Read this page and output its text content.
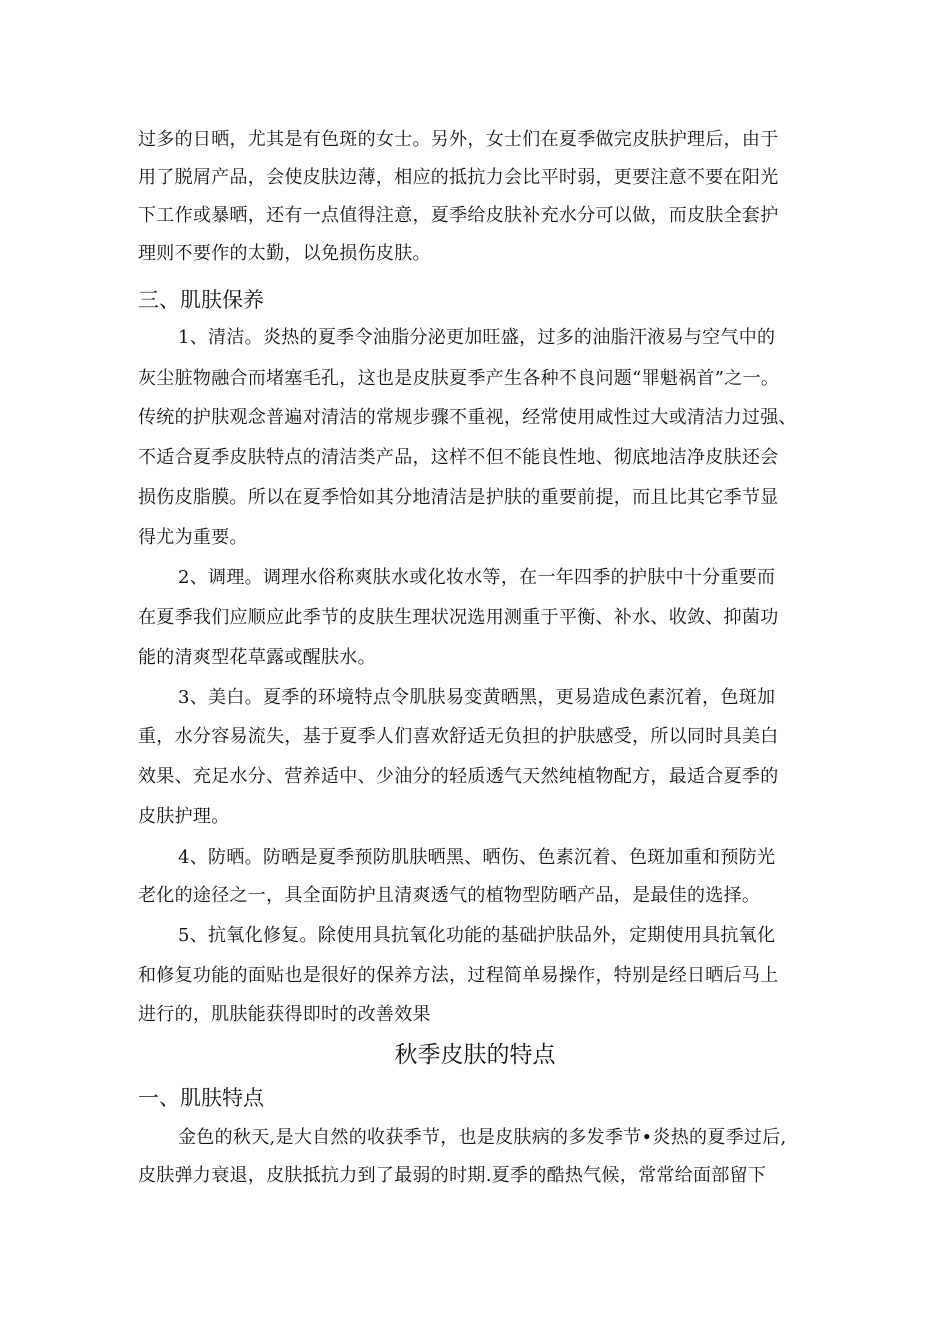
过多的日晒，尤其是有色斑的女士。另外，女士们在夏季做完皮肤护理后，由于
用了脱屑产品，会使皮肤边薄，相应的抵抗力会比平时弱，更要注意不要在阳光
下工作或暴晒，还有一点值得注意，夏季给皮肤补充水分可以做，而皮肤全套护
理则不要作的太勤，以免损伤皮肤。
三、肌肤保养
1、清洁。炎热的夏季令油脂分泌更加旺盛，过多的油脂汗液易与空气中的
灰尘脏物融合而堵塞毛孔，这也是皮肤夏季产生各种不良问题“罪魁祸首”之一。
传统的护肤观念普遍对清洁的常规步骤不重视，经常使用咸性过大或清洁力过强、
不适合夏季皮肤特点的清洁类产品，这样不但不能良性地、彻底地洁净皮肤还会
损伤皮脂膜。所以在夏季恰如其分地清洁是护肤的重要前提，而且比其它季节显
得尤为重要。
2、调理。调理水俗称爽肤水或化妆水等，在一年四季的护肤中十分重要而
在夏季我们应顺应此季节的皮肤生理状况选用测重于平衡、补水、收敛、抑菌功
能的清爽型花草露或醒肤水。
3、美白。夏季的环境特点令肌肤易变黄晒黑，更易造成色素沉着，色斑加
重，水分容易流失，基于夏季人们喜欢舒适无负担的护肤感受，所以同时具美白
效果、充足水分、营养适中、少油分的轻质透气天然纯植物配方，最适合夏季的
皮肤护理。
4、防晒。防晒是夏季预防肌肤晒黑、晒伤、色素沉着、色斑加重和预防光
老化的途径之一，具全面防护且清爽透气的植物型防晒产品，是最佳的选择。
5、抗氧化修复。除使用具抗氧化功能的基础护肤品外，定期使用具抗氧化
和修复功能的面贴也是很好的保养方法，过程简单易操作，特别是经日晒后马上
进行的，肌肤能获得即时的改善效果
秋季皮肤的特点
一、肌肤特点
金色的秋天,是大自然的收获季节，也是皮肤病的多发季节•炎热的夏季过后,
皮肤弹力衰退，皮肤抵抗力到了最弱的时期.夏季的酷热气候，常常给面部留下
